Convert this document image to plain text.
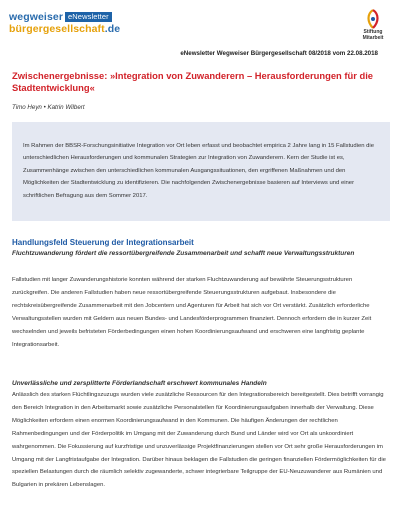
wegweiser eNewsletter
bürgergesellschaft.de	Stiftung
Mitarbeit
eNewsletter Wegweiser Bürgergesellschaft 08/2018 vom 22.08.2018
Zwischenergebnisse: »Integration von Zuwanderern – Herausforderungen für die Stadtentwicklung«
Timo Heyn • Katrin Wilbert
Im Rahmen der BBSR-Forschungsinitiative Integration vor Ort leben erfasst und beobachtet empirica 2 Jahre lang in 15 Fallstudien die unterschiedlichen Herausforderungen und kommunalen Strategien zur Integration von Zuwanderern. Kern der Studie ist es, Zusammenhänge zwischen den unterschiedlichen kommunalen Ausgangssituationen, den ergriffenen Maßnahmen und den Möglichkeiten der Stadtentwicklung zu identifizieren. Die nachfolgenden Zwischenergebnisse basieren auf Interviews und einer schriftlichen Befragung aus dem Sommer 2017.
Handlungsfeld Steuerung der Integrationsarbeit
Fluchtzuwanderung fördert die ressortübergreifende Zusammenarbeit und schafft neue Verwaltungsstrukturen
Fallstudien mit langer Zuwanderungshistorie konnten während der starken Fluchtzuwanderung auf bewährte Steuerungsstrukturen zurückgreifen. Die anderen Fallstudien haben neue ressortübergreifende Steuerungsstrukturen aufgebaut. Insbesondere die rechtskreisübergreifende Zusammenarbeit mit den Jobcentern und Agenturen für Arbeit hat sich vor Ort verstärkt. Zusätzlich erforderliche Verwaltungsstellen wurden mit Geldern aus neuen Bundes- und Landesförderprogrammen finanziert. Dennoch erfordern die in kurzer Zeit wechselnden und jeweils befristeten Förderbedingungen einen hohen Koordinierungsaufwand und erschweren eine langfristig geplante Integrationsarbeit.
Unverlässliche und zersplitterte Förderlandschaft erschwert kommunales Handeln
Anlässlich des starken Flüchtlingszuzugs wurden viele zusätzliche Ressourcen für den Integrationsbereich bereitgestellt. Dies betrifft vorrangig den Bereich Integration in den Arbeitsmarkt sowie zusätzliche Personalstellen für Koordinierungsaufgaben innerhalb der Verwaltung. Diese Möglichkeiten erfordern einen enormen Koordinierungsaufwand in den Kommunen. Die häufigen Änderungen der rechtlichen Rahmenbedingungen und der Förderpolitik im Umgang mit der Zuwanderung durch Bund und Länder wird vor Ort als unkoordiniert wahrgenommen. Die Fokussierung auf kurzfristige und unzuverlässige Projektfinanzierungen stellen vor Ort sehr große Herausforderungen im Umgang mit der Langfristaufgabe der Integration. Darüber hinaus beklagen die Fallstudien die geringen finanziellen Fördermöglichkeiten für die speziellen Belastungen durch die räumlich selektiv zugewanderte, schwer integrierbare Teilgruppe der EU-Neuzuwanderer aus Rumänien und Bulgarien in prekären Lebenslagen.
